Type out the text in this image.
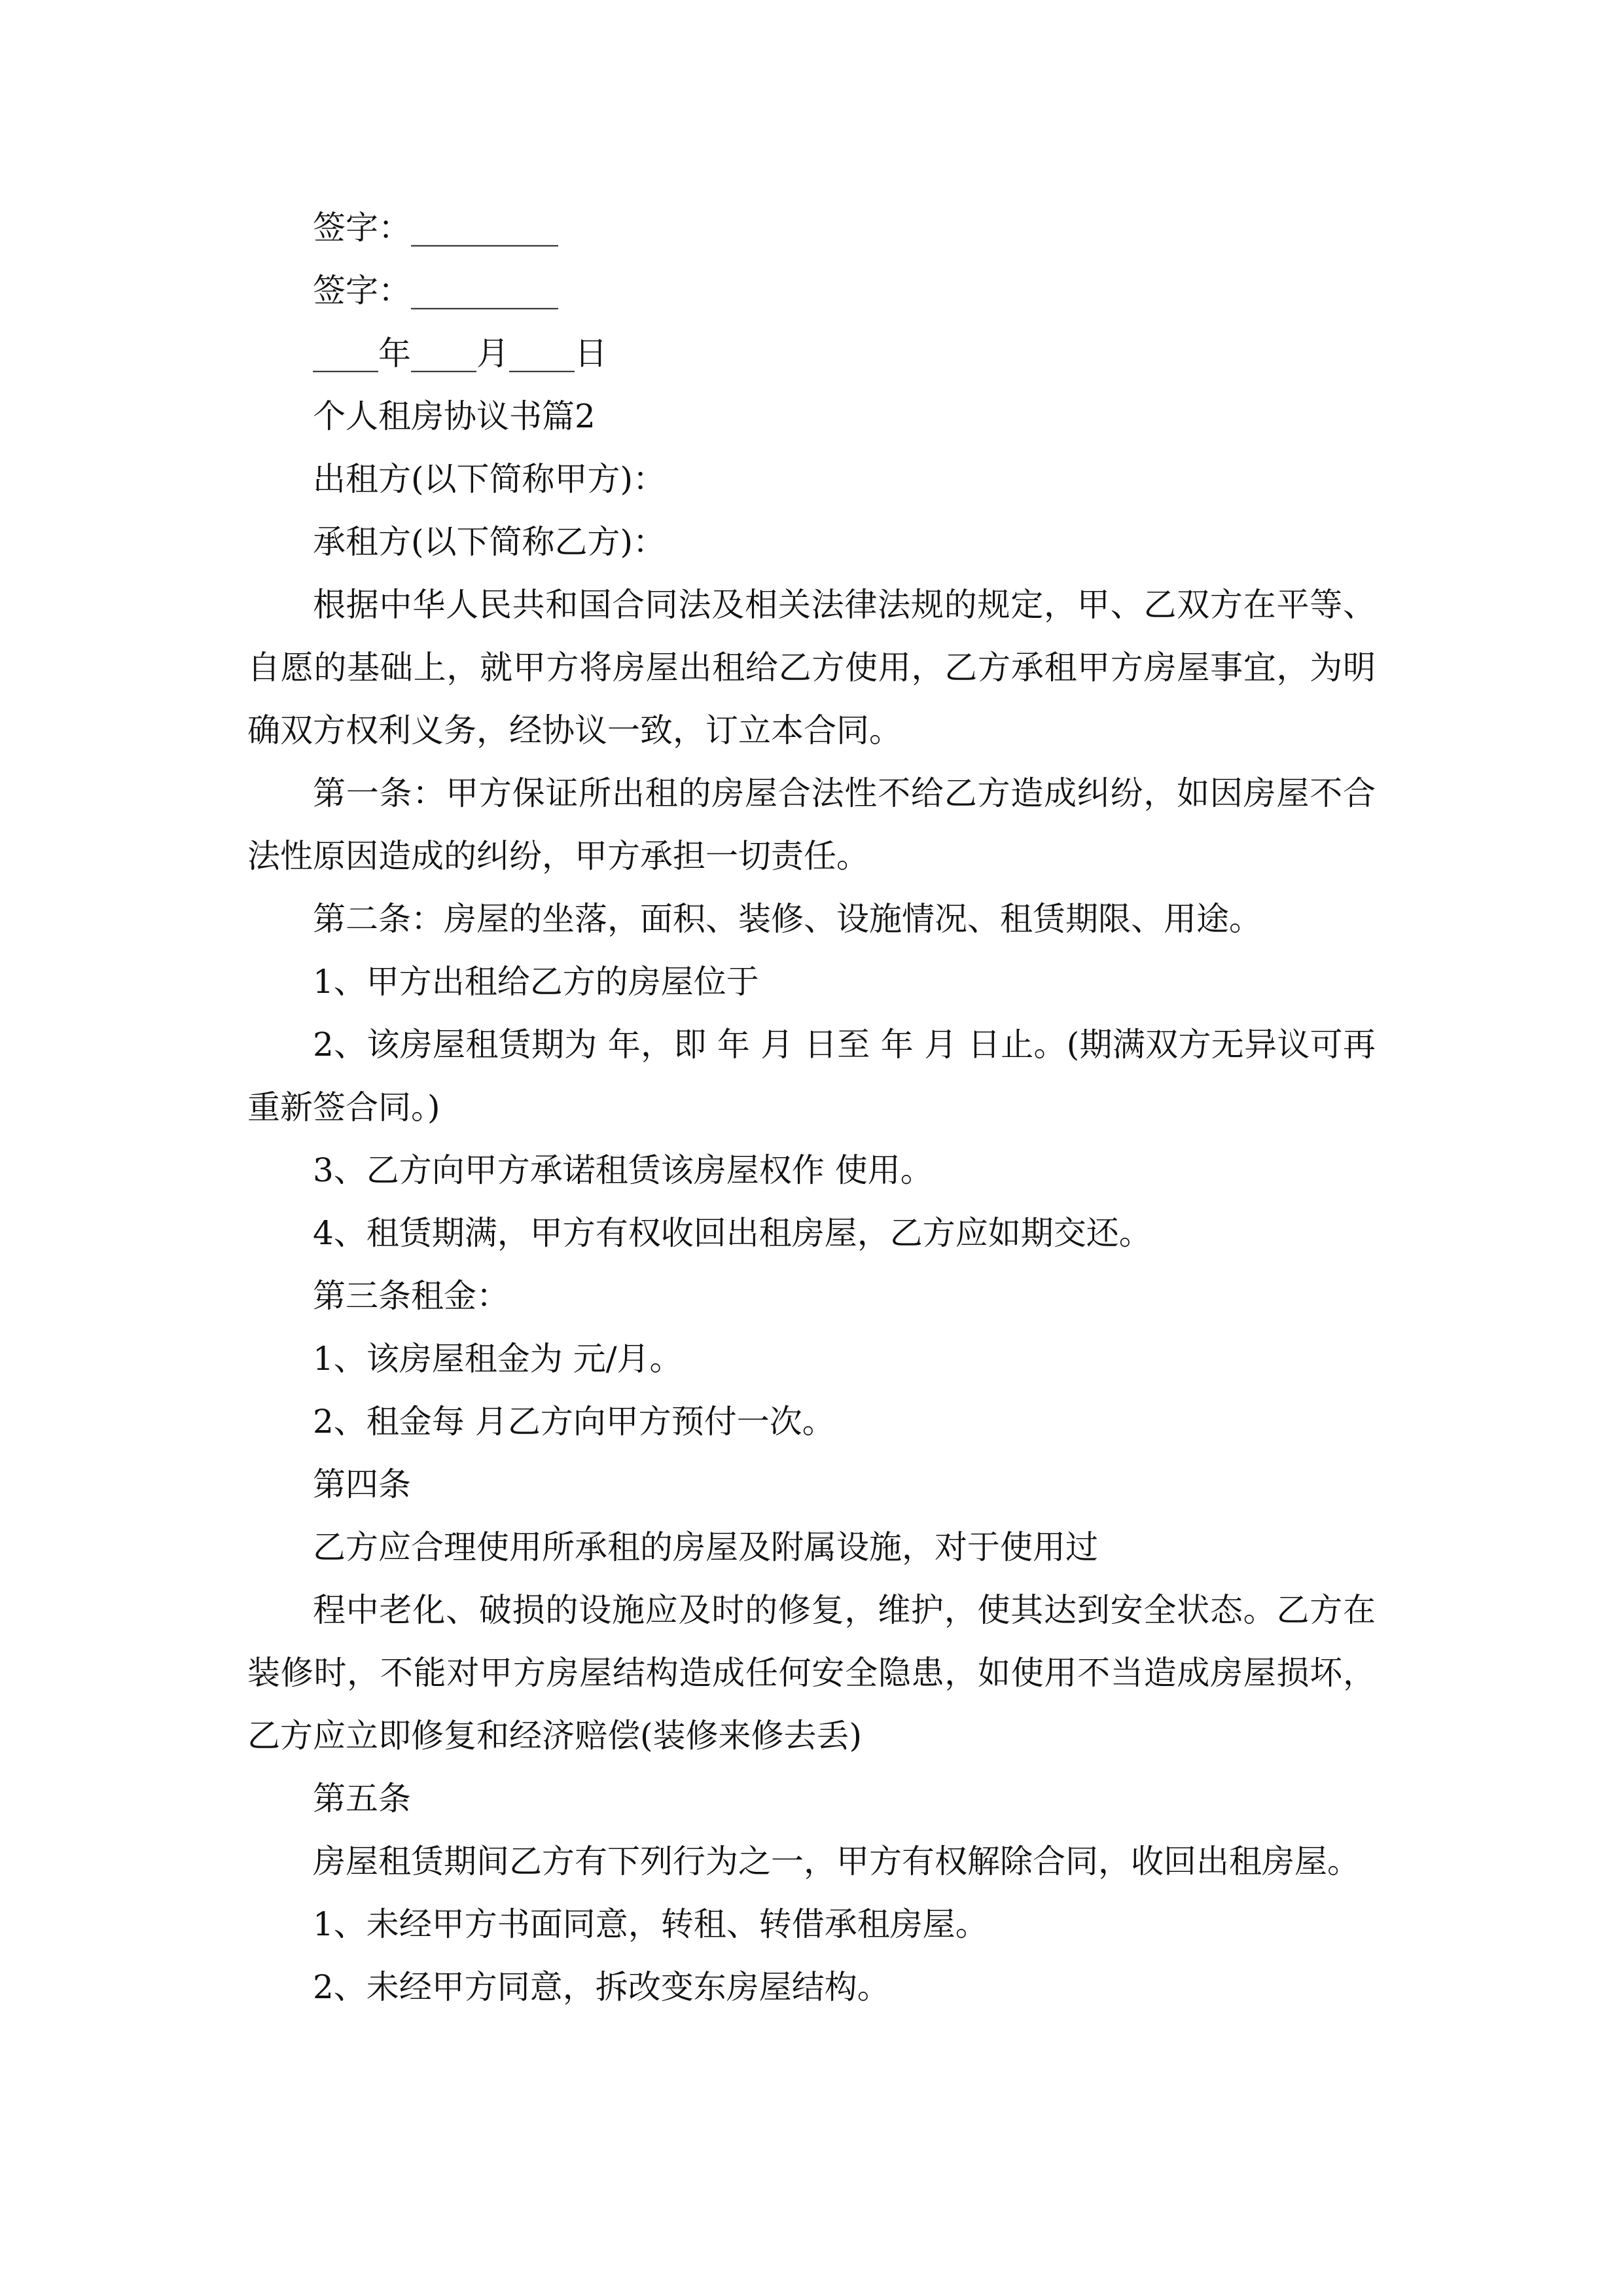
签字：_________

签字：_________

____年____月____日

个人租房协议书篇2

出租方(以下简称甲方)：

承租方(以下简称乙方)：

根据中华人民共和国合同法及相关法律法规的规定，甲、乙双方在平等、自愿的基础上，就甲方将房屋出租给乙方使用，乙方承租甲方房屋事宜，为明确双方权利义务，经协议一致，订立本合同。

第一条：甲方保证所出租的房屋合法性不给乙方造成纠纷，如因房屋不合法性原因造成的纠纷，甲方承担一切责任。

第二条：房屋的坐落，面积、装修、设施情况、租赁期限、用途。

1、甲方出租给乙方的房屋位于

2、该房屋租赁期为 年，即 年 月 日至 年 月 日止。(期满双方无异议可再重新签合同。)

3、乙方向甲方承诺租赁该房屋权作 使用。

4、租赁期满，甲方有权收回出租房屋，乙方应如期交还。

第三条租金：

1、该房屋租金为 元/月。

2、租金每 月乙方向甲方预付一次。

第四条

乙方应合理使用所承租的房屋及附属设施，对于使用过

程中老化、破损的设施应及时的修复，维护，使其达到安全状态。乙方在装修时，不能对甲方房屋结构造成任何安全隐患，如使用不当造成房屋损坏，乙方应立即修复和经济赔偿(装修来修去丢)

第五条

房屋租赁期间乙方有下列行为之一，甲方有权解除合同，收回出租房屋。

1、未经甲方书面同意，转租、转借承租房屋。

2、未经甲方同意，拆改变东房屋结构。
